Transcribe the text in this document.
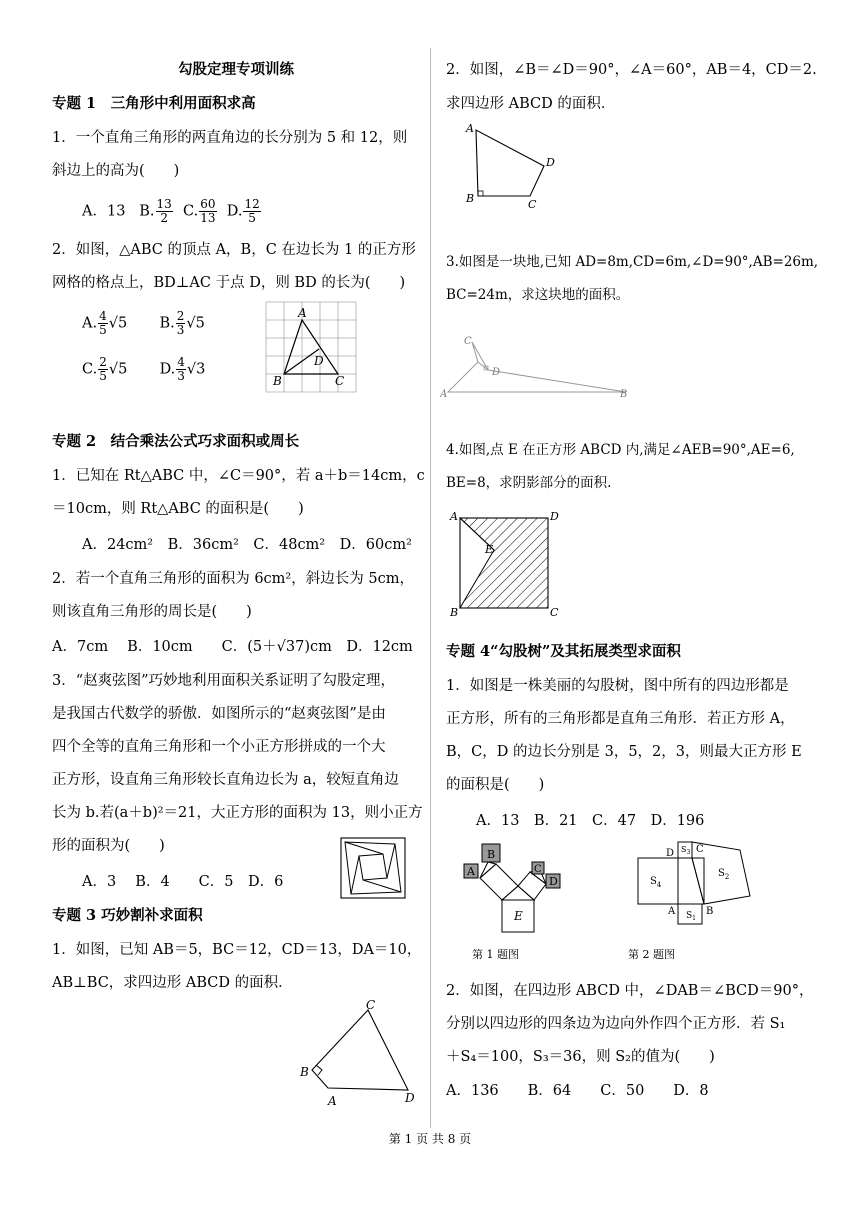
勾股定理专项训练
专题 1　三角形中利用面积求高
1．一个直角三角形的两直角边的长分别为 5 和 12，则
斜边上的高为(　　)
A．13 B. $\frac{13}{2} C$. $\frac{60}{13} D$. $\frac{12}{5}$
2．如图，△ABC 的顶点 A，B，C 在边长为 1 的正方形
网格的格点上，BD⊥AC 于点 D，则 BD 的长为(　　)
A. $\frac{4}{5} √5$ B. $\frac{2}{3} √5$
C. $\frac{2}{5} √5$ D. $\frac{4}{3} √3$
A
B	C
D
专题 2　结合乘法公式巧求面积或周长
1．已知在 Rt△ABC 中，∠C＝90°，若 a＋b＝14cm，c
＝10cm，则 Rt△ABC 的面积是(　　)
A．24cm²　B．36cm²　C．48cm²　D．60cm²
2．若一个直角三角形的面积为 6cm²，斜边长为 5cm，
则该直角三角形的周长是(　　)
A．7cm　 B．10cm　　C．(5＋√37)cm　D．12cm
3．“赵爽弦图”巧妙地利用面积关系证明了勾股定理，
是我国古代数学的骄傲．如图所示的“赵爽弦图”是由
四个全等的直角三角形和一个小正方形拼成的一个大
正方形，设直角三角形较长直角边长为 a，较短直角边
长为 b.若(a＋b)²＝21，大正方形的面积为 13，则小正方
形的面积为(　　)
A．3　 B．4　　C．5　D．6
专题 3 巧妙割补求面积
1．如图，已知 AB＝5，BC＝12，CD＝13，DA＝10，
AB⊥BC，求四边形 ABCD 的面积．
C
B
A	D
2．如图，∠B＝∠D＝90°，∠A＝60°，AB＝4，CD＝2.
求四边形 ABCD 的面积．
A
B	C
D
3.如图是一块地,已知 AD=8m,CD=6m,∠D=90°,AB=26m,
BC=24m，求这块地的面积。
C
D
A	B
4.如图,点 E 在正方形 ABCD 内,满足∠AEB=90°,AE=6,
BE=8，求阴影部分的面积.
A	D
B	C
E
专题 4“勾股树”及其拓展类型求面积
1．如图是一株美丽的勾股树，图中所有的四边形都是
正方形，所有的三角形都是直角三角形．若正方形 A，
B，C，D 的边长分别是 3，5，2，3，则最大正方形 E
的面积是(　　)
A．13　B．21　C．47　D．196
B
A	C
D
E
D C
A	B
$S_4$
$S_2$
$S_3$
$S_1$
第 1 题图	第 2 题图
2．如图，在四边形 ABCD 中，∠DAB＝∠BCD＝90°，
分别以四边形的四条边为边向外作四个正方形．若 S₁
＋S₄＝100，S₃＝36，则 S₂的值为(　　)
A．136　　B．64　　C．50　　D．8
第 1 页 共 8 页
